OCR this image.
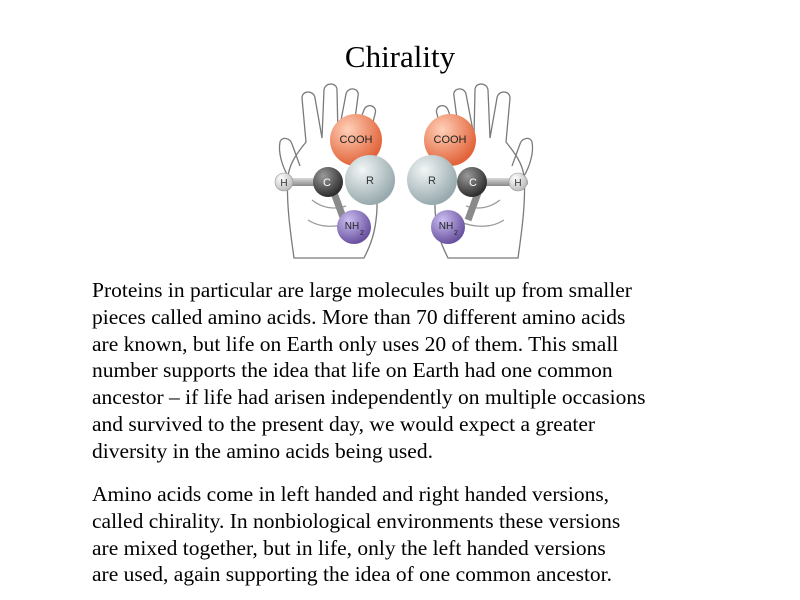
Chirality
COOH
R
C
H
NH
2
COOH
R	C	H
NH
2

Proteins in particular are large molecules built up from smaller
pieces called amino acids. More than 70 different amino acids
are known, but life on Earth only uses 20 of them. This small
number supports the idea that life on Earth had one common
ancestor – if life had arisen independently on multiple occasions
and survived to the present day, we would expect a greater
diversity in the amino acids being used.

Amino acids come in left handed and right handed versions,
called chirality. In nonbiological environments these versions
are mixed together, but in life, only the left handed versions
are used, again supporting the idea of one common ancestor.
